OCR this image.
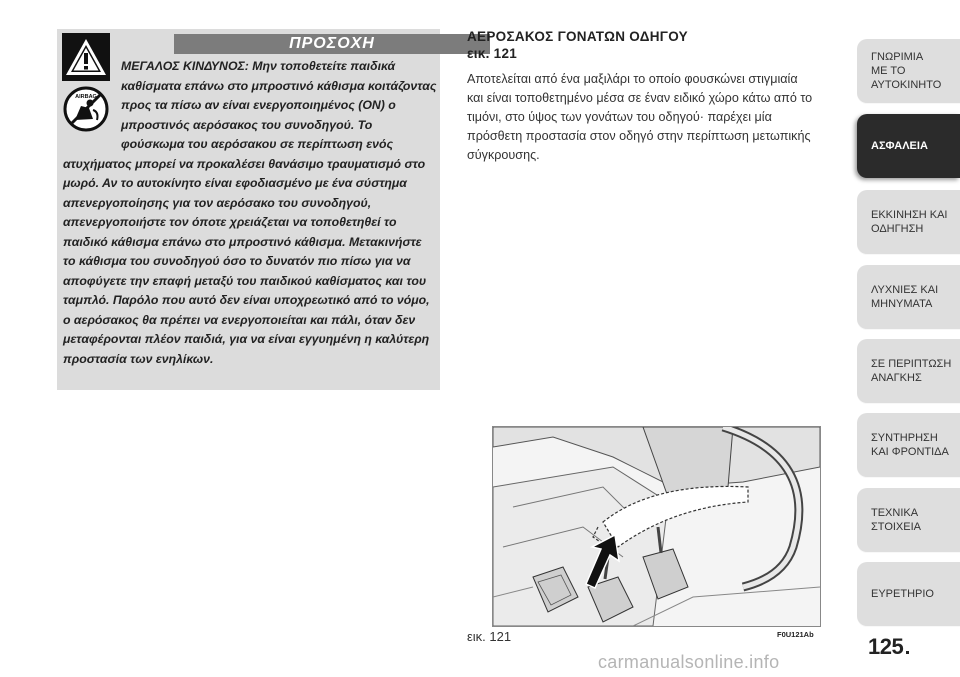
ΠΡΟΣΟΧΗ
AIRBAG

ΜΕΓΑΛΟΣ ΚΙΝΔΥΝΟΣ: Μην τοποθετείτε παιδικά καθίσματα επάνω στο μπροστινό κάθισμα κοιτάζοντας προς τα πίσω αν είναι ενεργοποιημένος (ΟΝ) ο μπροστινός αερόσακος του συνοδηγού. Το φούσκωμα του αερόσακου σε περίπτωση ενός ατυχήματος μπορεί να προκαλέσει θανάσιμο τραυματισμό στο μωρό. Αν το αυτοκίνητο είναι εφοδιασμένο με ένα σύστημα απενεργοποίησης για τον αερόσακο του συνοδηγού, απενεργοποιήστε τον όποτε χρειάζεται να τοποθετηθεί το παιδικό κάθισμα επάνω στο μπροστινό κάθισμα. Μετακινήστε το κάθισμα του συνοδηγού όσο το δυνατόν πιο πίσω για να αποφύγετε την επαφή μεταξύ του παιδικού καθίσματος και του ταμπλό. Παρόλο που αυτό δεν είναι υποχρεωτικό από το νόμο, ο αερόσακος θα πρέπει να ενεργοποιείται και πάλι, όταν δεν μεταφέρονται πλέον παιδιά, για να είναι εγγυημένη η καλύτερη προστασία των ενηλίκων.

ΑΕΡΟΣΑΚΟΣ ΓΟΝΑΤΩΝ ΟΔΗΓΟΥ
εικ. 121

Αποτελείται από ένα μαξιλάρι το οποίο φουσκώνει στιγμιαία και είναι τοποθετημένο μέσα σε έναν ειδικό χώρο κάτω από το τιμόνι, στο ύψος των γονάτων του οδηγού· παρέχει μία πρόσθετη προστασία στον οδηγό στην περίπτωση μετωπικής σύγκρουσης.

εικ. 121	F0U121Ab
ΓΝΩΡΙΜΙΑ
ΜΕ ΤΟ
ΑΥΤΟΚΙΝΗΤΟ
ΑΣΦΑΛΕΙΑ
ΕΚΚΙΝΗΣΗ ΚΑΙ
ΟΔΗΓΗΣΗ
ΛΥΧΝΙΕΣ ΚΑΙ
ΜΗΝΥΜΑΤΑ
ΣΕ ΠΕΡΙΠΤΩΣΗ
ΑΝΑΓΚΗΣ
ΣΥΝΤΗΡΗΣΗ
ΚΑΙ ΦΡΟΝΤΙΔΑ
ΤΕΧΝΙΚΑ
ΣΤΟΙΧΕΙΑ
ΕΥΡΕΤΗΡΙΟ
125
carmanualsonline.info
